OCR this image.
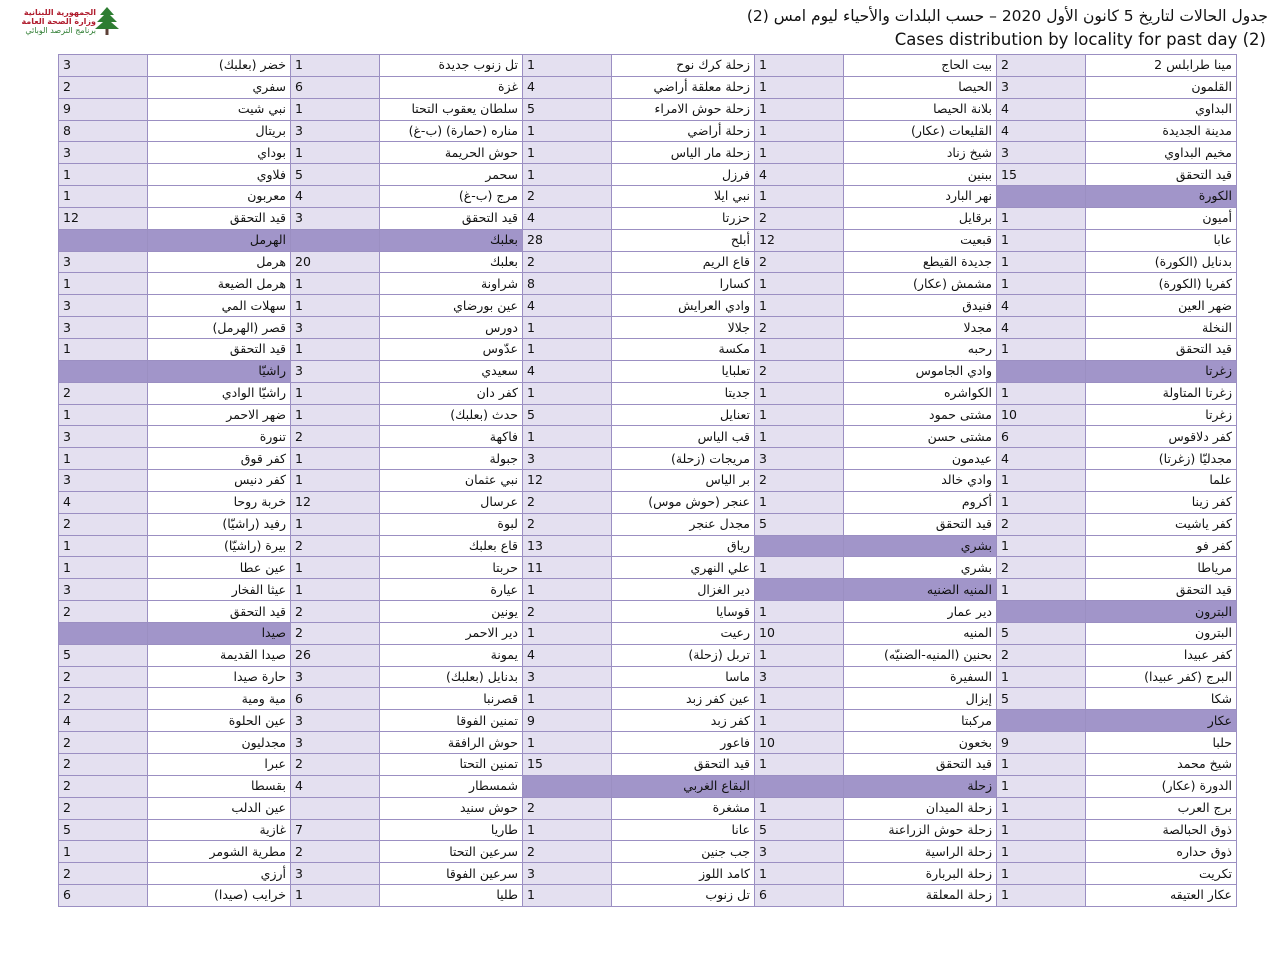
الجمهورية اللبنانية
وزارة الصحة العامة
برنامج الترصد الوبائي
جدول الحالات لتاريخ 5 كانون الأول 2020 – حسب البلدات والأحياء ليوم امس (2)
Cases distribution by locality for past day (2)
3	خضر (بعلبك)	1	تل زنوب جديدة	1	زحلة كرك نوح	1	بيت الحاج	2	مينا طرابلس 2
2	سفري	6	غزة	4	زحلة معلقة أراضي	1	الحيصا	3	القلمون
9	نبي شيت	1	سلطان يعقوب التحتا	5	زحلة حوش الامراء	1	بلانة الحيصا	4	البداوي
8	بريتال	3	مناره (حمارة) (ب-غ)	1	زحلة أراضي	1	القليعات (عكار)	4	مدينة الجديدة
3	بوداي	1	حوش الحريمة	1	زحلة مار الياس	1	شيخ زناد	3	مخيم البداوي
1	فلاوي	5	سحمر	1	فرزل	4	ببنين	15	قيد التحقق
1	معربون	4	مرج (ب-غ)	2	نبي ايلا	1	نهر البارد		الكورة
12	قيد التحقق	3	قيد التحقق	4	حزرتا	2	برقايل	1	أميون
	الهرمل		بعلبك	28	أبلح	12	قبعيت	1	عابا
3	هرمل	20	بعلبك	2	قاع الريم	2	جديدة القيطع	1	بدنايل (الكورة)
1	هرمل الضيعة	1	شراونة	8	كسارا	1	مشمش (عكار)	1	كفريا (الكورة)
3	سهلات المي	1	عين بورضاي	4	وادي العرايش	1	فنيدق	4	ضهر العين
3	قصر (الهرمل)	3	دورس	1	جلالا	2	مجدلا	4	النخلة
1	قيد التحقق	1	عدّوس	1	مكسة	1	رحبه	1	قيد التحقق
	راشيّا	3	سعيدي	4	تعلبايا	2	وادي الجاموس		زغرتا
2	راشيّا الوادي	1	كفر دان	1	جديتا	1	الكواشره	1	زغرتا المتاولة
1	ضهر الاحمر	1	حدث (بعلبك)	5	تعنايل	1	مشتى حمود	10	زغرتا
3	تنورة	2	فاكهة	1	قب الياس	1	مشتى حسن	6	كفر دلاقوس
1	كفر قوق	1	جبولة	3	مريجات (زحلة)	3	عيدمون	4	مجدليّا (زغرتا)
3	كفر دنيس	1	نبي عثمان	12	بر الياس	2	وادي خالد	1	علما
4	خربة روحا	12	عرسال	2	عنجر (حوش موس)	1	أكروم	1	كفر زينا
2	رفيد (راشيّا)	1	لبوة	2	مجدل عنجر	5	قيد التحقق	2	كفر ياشيت
1	بيرة (راشيّا)	2	قاع بعلبك	13	رياق		بشري	1	كفر فو
1	عين عطا	1	حربتا	11	علي النهري	1	بشري	2	مرياطا
3	عيثا الفخار	1	عيارة	1	دير الغزال		المنيه الضنيه	1	قيد التحقق
2	قيد التحقق	2	يونين	2	قوسايا	1	دير عمار		البترون
	صيدا	2	دير الاحمر	1	رعيت	10	المنيه	5	البترون
5	صيدا القديمة	26	يمونة	4	تربل (زحلة)	1	بحنين (المنيه-الضنيّه)	2	كفر عبيدا
2	حارة صيدا	3	بدنايل (بعلبك)	3	ماسا	3	السفيرة	1	البرج (كفر عبيدا)
2	مية ومية	6	قصرنبا	1	عين كفر زبد	1	إيزال	5	شكا
4	عين الحلوة	3	تمنين الفوقا	9	كفر زبد	1	مركبتا		عكار
2	مجدليون	3	حوش الرافقة	1	فاعور	10	بخعون	9	حلبا
2	عبرا	2	تمنين التحتا	15	قيد التحقق	1	قيد التحقق	1	شيخ محمد
2	بقسطا	4	شمسطار		البقاع الغربي		زحلة	1	الدورة (عكار)
2	عين الدلب		حوش سنيد	2	مشغرة	1	زحلة الميدان	1	برج العرب
5	غازية	7	طاريا	1	عانا	5	زحلة حوش الزراعنة	1	ذوق الحبالصة
1	مطرية الشومر	2	سرعين التحتا	2	جب جنين	3	زحلة الراسية	1	ذوق حداره
2	أرزي	3	سرعين الفوقا	3	كامد اللوز	1	زحلة البربارة	1	تكريت
6	خرايب (صيدا)	1	طليا	1	تل زنوب	6	زحلة المعلقة	1	عكار العتيقه
